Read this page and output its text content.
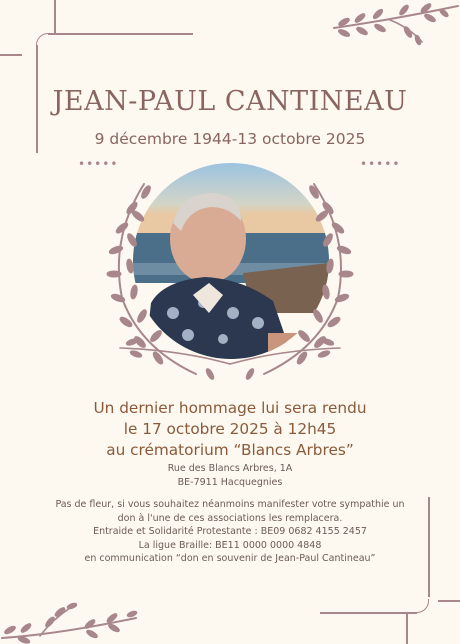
JEAN-PAUL CANTINEAU
9 décembre 1944-13 octobre 2025
•••••	•••••
Un dernier hommage lui sera rendu
le 17 octobre 2025 à 12h45
au crématorium “Blancs Arbres”
Rue des Blancs Arbres, 1A
BE-7911 Hacquegnies
Pas de fleur, si vous souhaitez néanmoins manifester votre sympathie un
don à l'une de ces associations les remplacera.
Entraide et Solidarité Protestante : BE09 0682 4155 2457
La ligue Braille: BE11 0000 0000 4848
en communication “don en souvenir de Jean-Paul Cantineau”
